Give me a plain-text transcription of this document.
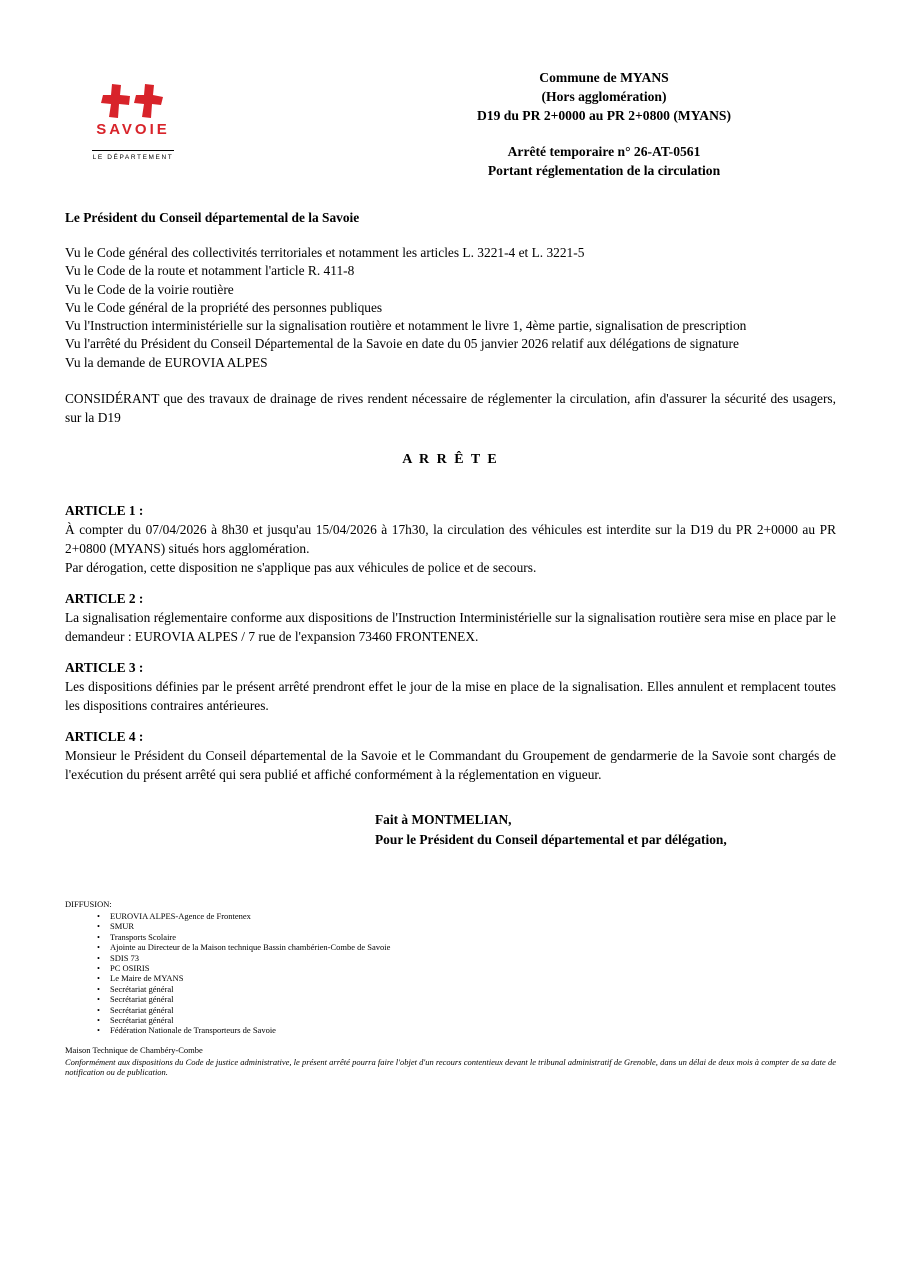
SAVOIE
LE DÉPARTEMENT
Commune de MYANS
(Hors agglomération)
D19 du PR 2+0000 au PR 2+0800 (MYANS)
Arrêté temporaire n° 26-AT-0561
Portant réglementation de la circulation
Le Président du Conseil départemental de la Savoie
Vu le Code général des collectivités territoriales et notamment les articles L. 3221-4 et L. 3221-5
Vu le Code de la route et notamment l'article R. 411-8
Vu le Code de la voirie routière
Vu le Code général de la propriété des personnes publiques
Vu l'Instruction interministérielle sur la signalisation routière et notamment le livre 1, 4ème partie, signalisation de prescription
Vu l'arrêté du Président du Conseil Départemental de la Savoie en date du 05 janvier 2026 relatif aux délégations de signature
Vu la demande de EUROVIA ALPES

CONSIDÉRANT que des travaux de drainage de rives rendent nécessaire de réglementer la circulation, afin d'assurer la sécurité des usagers, sur la D19

A R R Ê T E
ARTICLE 1 :

À compter du 07/04/2026 à 8h30 et jusqu'au 15/04/2026 à 17h30, la circulation des véhicules est interdite sur la D19 du PR 2+0000 au PR 2+0800 (MYANS) situés hors agglomération.

Par dérogation, cette disposition ne s'applique pas aux véhicules de police et de secours.

ARTICLE 2 :

La signalisation réglementaire conforme aux dispositions de l'Instruction Interministérielle sur la signalisation routière sera mise en place par le demandeur : EUROVIA ALPES / 7 rue de l'expansion 73460 FRONTENEX.

ARTICLE 3 :

Les dispositions définies par le présent arrêté prendront effet le jour de la mise en place de la signalisation. Elles annulent et remplacent toutes les dispositions contraires antérieures.

ARTICLE 4 :

Monsieur le Président du Conseil départemental de la Savoie et le Commandant du Groupement de gendarmerie de la Savoie sont chargés de l'exécution du présent arrêté qui sera publié et affiché conformément à la réglementation en vigueur.

Fait à MONTMELIAN,
Pour le Président du Conseil départemental et par délégation,
DIFFUSION:
• EUROVIA ALPES-Agence de Frontenex
• SMUR
• Transports Scolaire
• Ajointe au Directeur de la Maison technique Bassin chambérien-Combe de Savoie
• SDIS 73
• PC OSIRIS
• Le Maire de MYANS
• Secrétariat général
• Secrétariat général
• Secrétariat général
• Secrétariat général
• Fédération Nationale de Transporteurs de Savoie
Maison Technique de Chambéry-Combe

Conformément aux dispositions du Code de justice administrative, le présent arrêté pourra faire l'objet d'un recours contentieux devant le tribunal administratif de Grenoble, dans un délai de deux mois à compter de sa date de notification ou de publication.
